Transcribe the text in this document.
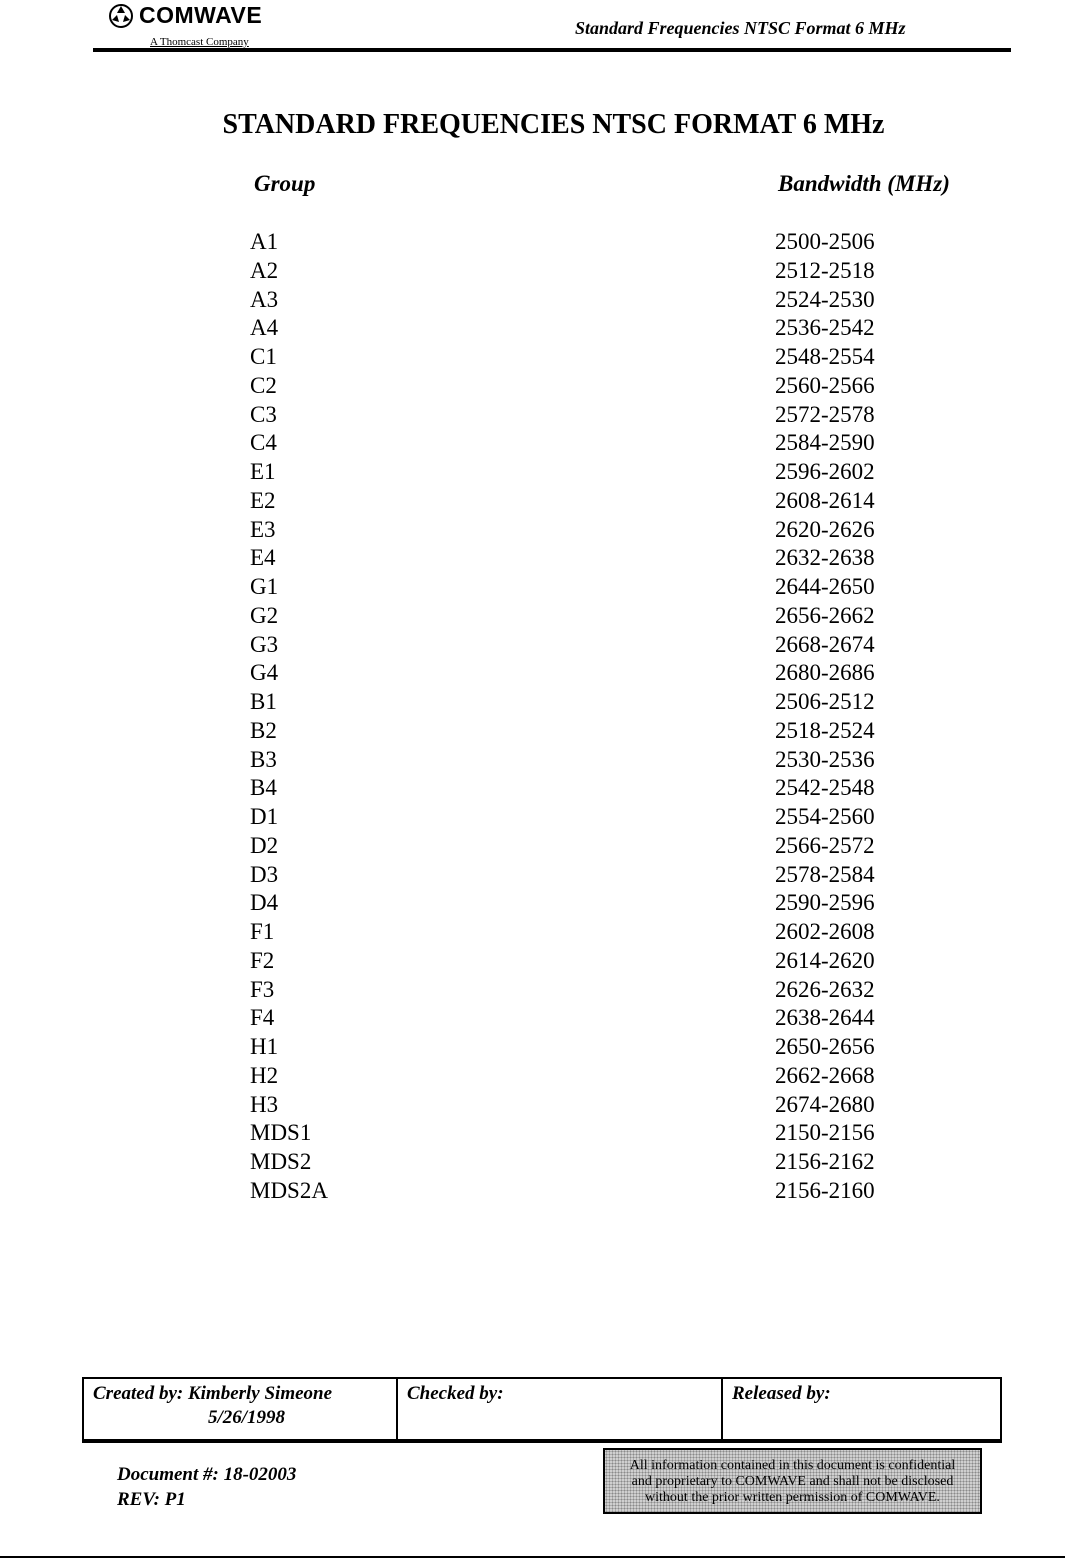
COMWAVE
A Thomcast Company
Standard Frequencies NTSC Format 6 MHz
STANDARD FREQUENCIES NTSC FORMAT 6 MHz
Group	Bandwidth (MHz)
A1	2500-2506
A2	2512-2518
A3	2524-2530
A4	2536-2542
C1	2548-2554
C2	2560-2566
C3	2572-2578
C4	2584-2590
E1	2596-2602
E2	2608-2614
E3	2620-2626
E4	2632-2638
G1	2644-2650
G2	2656-2662
G3	2668-2674
G4	2680-2686
B1	2506-2512
B2	2518-2524
B3	2530-2536
B4	2542-2548
D1	2554-2560
D2	2566-2572
D3	2578-2584
D4	2590-2596
F1	2602-2608
F2	2614-2620
F3	2626-2632
F4	2638-2644
H1	2650-2656
H2	2662-2668
H3	2674-2680
MDS1	2150-2156
MDS2	2156-2162
MDS2A	2156-2160
Created by: Kimberly Simeone
5/26/1998
Checked by:	Released by:
Document #: 18-02003
REV: P1
All information contained in this document is confidential
and proprietary to COMWAVE and shall not be disclosed
without the prior written permission of COMWAVE.
